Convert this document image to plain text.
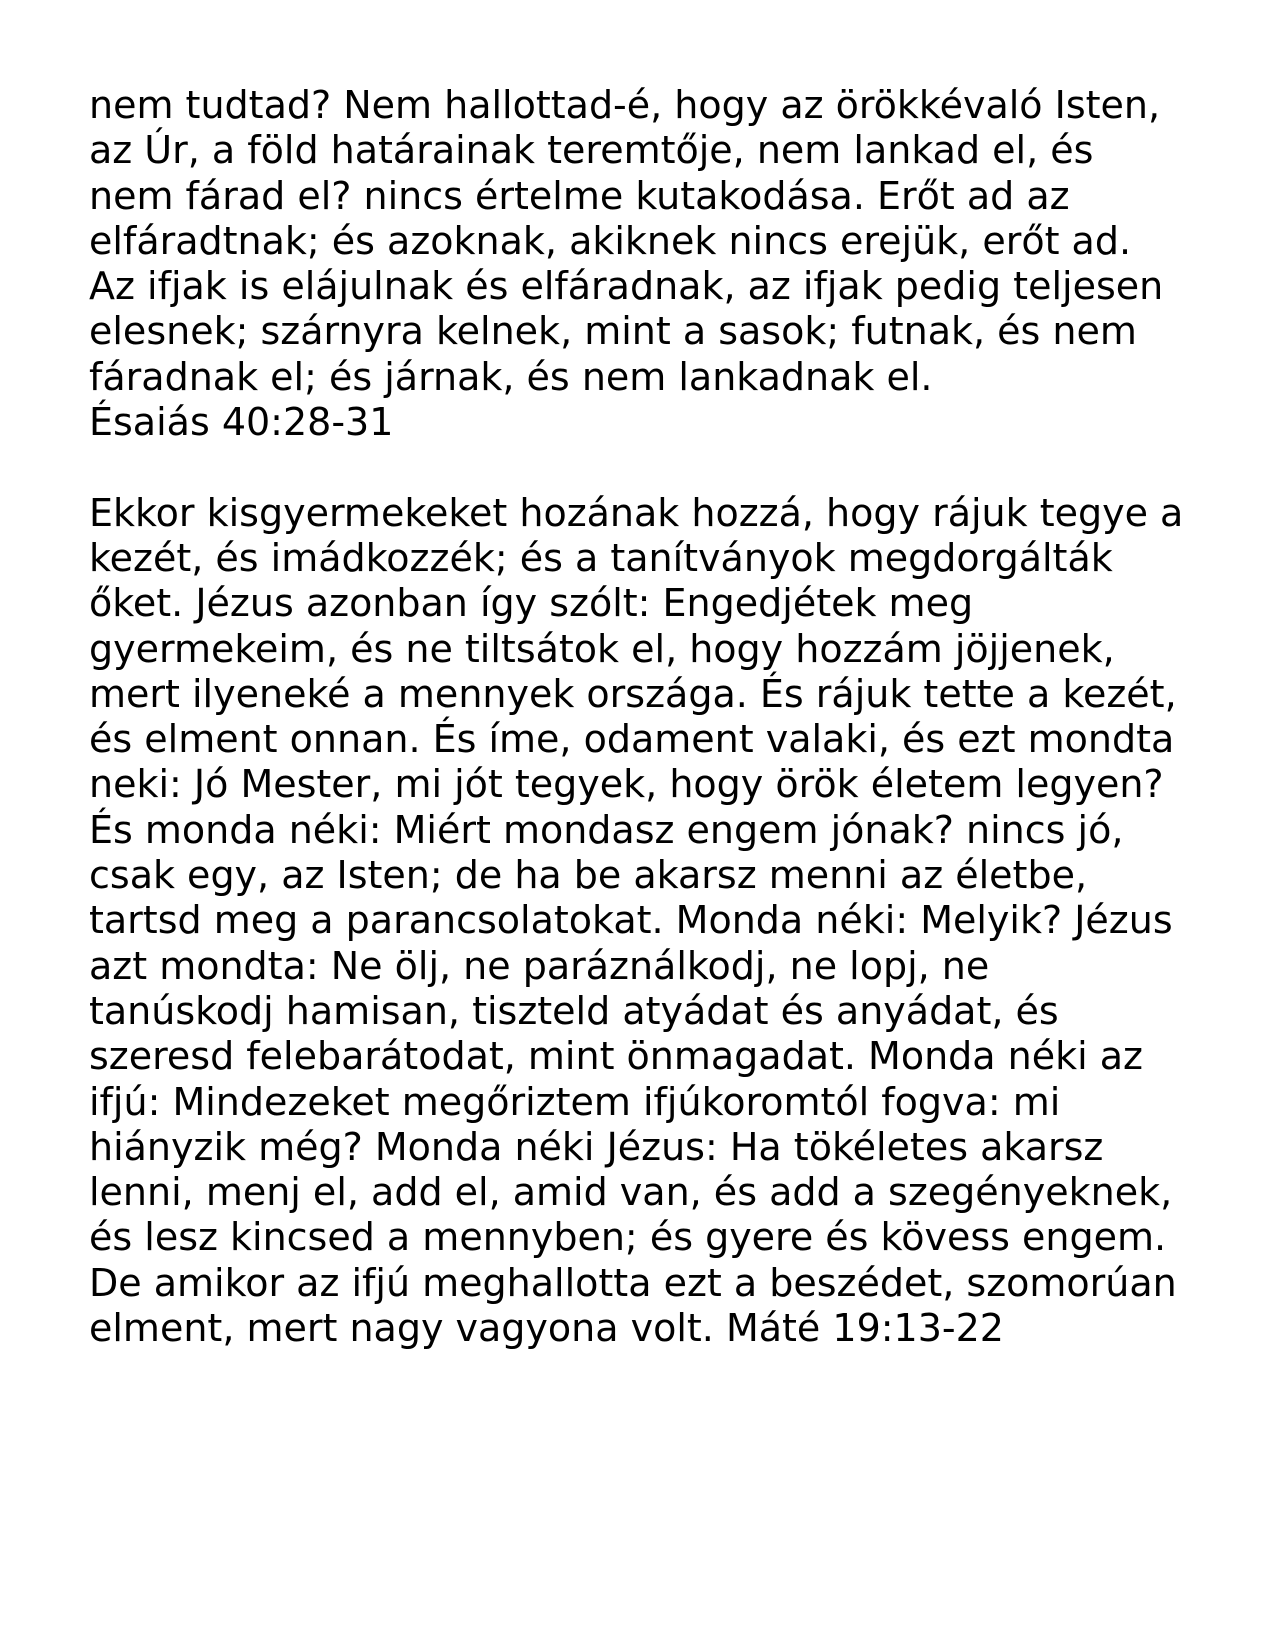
nem tudtad? Nem hallottad-é, hogy az örökkévaló Isten,
az Úr, a föld határainak teremtője, nem lankad el, és
nem fárad el? nincs értelme kutakodása. Erőt ad az
elfáradtnak; és azoknak, akiknek nincs erejük, erőt ad.
Az ifjak is elájulnak és elfáradnak, az ifjak pedig teljesen
elesnek; szárnyra kelnek, mint a sasok; futnak, és nem
fáradnak el; és járnak, és nem lankadnak el.
Ésaiás 40:28-31
Ekkor kisgyermekeket hozának hozzá, hogy rájuk tegye a
kezét, és imádkozzék; és a tanítványok megdorgálták
őket. Jézus azonban így szólt: Engedjétek meg
gyermekeim, és ne tiltsátok el, hogy hozzám jöjjenek,
mert ilyeneké a mennyek országa. És rájuk tette a kezét,
és elment onnan. És íme, odament valaki, és ezt mondta
neki: Jó Mester, mi jót tegyek, hogy örök életem legyen?
És monda néki: Miért mondasz engem jónak? nincs jó,
csak egy, az Isten; de ha be akarsz menni az életbe,
tartsd meg a parancsolatokat. Monda néki: Melyik? Jézus
azt mondta: Ne ölj, ne paráználkodj, ne lopj, ne
tanúskodj hamisan, tiszteld atyádat és anyádat, és
szeresd felebarátodat, mint önmagadat. Monda néki az
ifjú: Mindezeket megőriztem ifjúkoromtól fogva: mi
hiányzik még? Monda néki Jézus: Ha tökéletes akarsz
lenni, menj el, add el, amid van, és add a szegényeknek,
és lesz kincsed a mennyben; és gyere és kövess engem.
De amikor az ifjú meghallotta ezt a beszédet, szomorúan
elment, mert nagy vagyona volt. Máté 19:13-22
